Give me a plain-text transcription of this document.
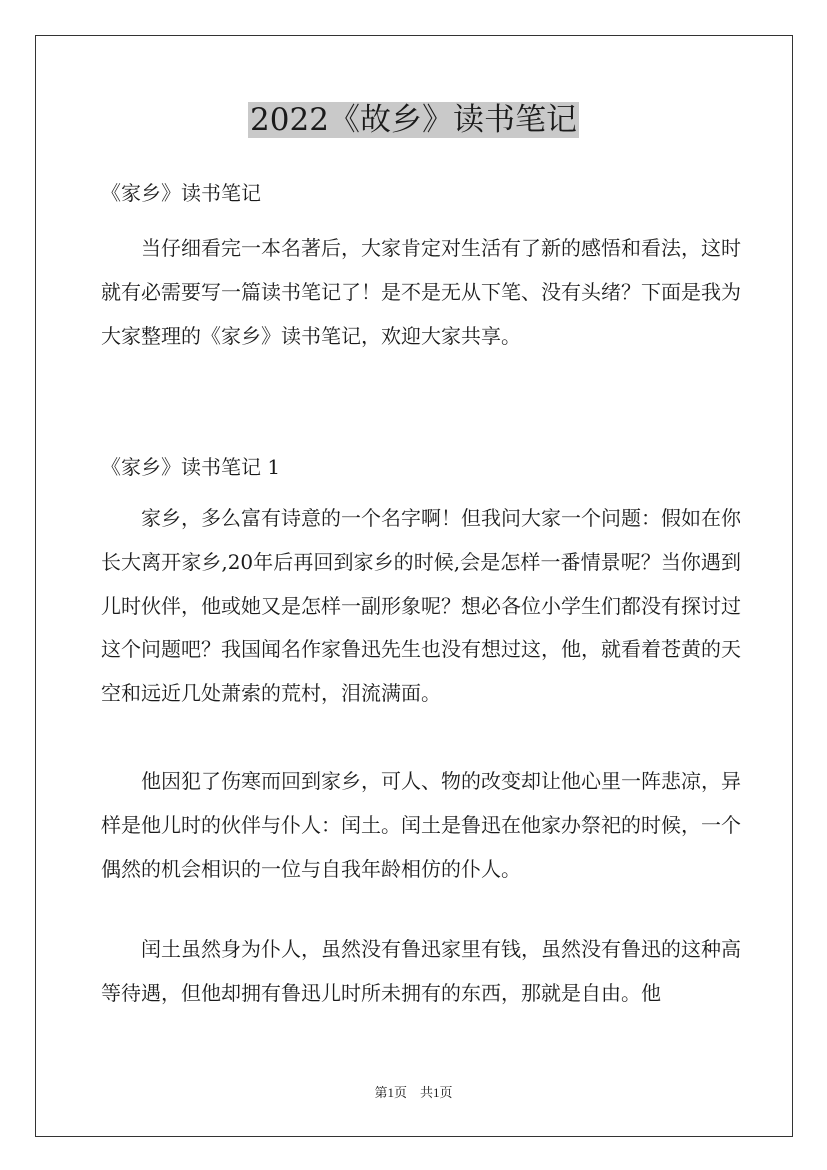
2022《故乡》读书笔记
《家乡》读书笔记

当仔细看完一本名著后，大家肯定对生活有了新的感悟和看法，这时就有必需要写一篇读书笔记了！是不是无从下笔、没有头绪？下面是我为大家整理的《家乡》读书笔记，欢迎大家共享。

《家乡》读书笔记 1

家乡，多么富有诗意的一个名字啊！但我问大家一个问题：假如在你长大离开家乡,20年后再回到家乡的时候,会是怎样一番情景呢？当你遇到儿时伙伴，他或她又是怎样一副形象呢？想必各位小学生们都没有探讨过这个问题吧？我国闻名作家鲁迅先生也没有想过这，他，就看着苍黄的天空和远近几处萧索的荒村，泪流满面。

他因犯了伤寒而回到家乡，可人、物的改变却让他心里一阵悲凉，异样是他儿时的伙伴与仆人：闰土。闰土是鲁迅在他家办祭祀的时候，一个偶然的机会相识的一位与自我年龄相仿的仆人。

闰土虽然身为仆人，虽然没有鲁迅家里有钱，虽然没有鲁迅的这种高等待遇，但他却拥有鲁迅儿时所未拥有的东西，那就是自由。他

第1页　共1页
